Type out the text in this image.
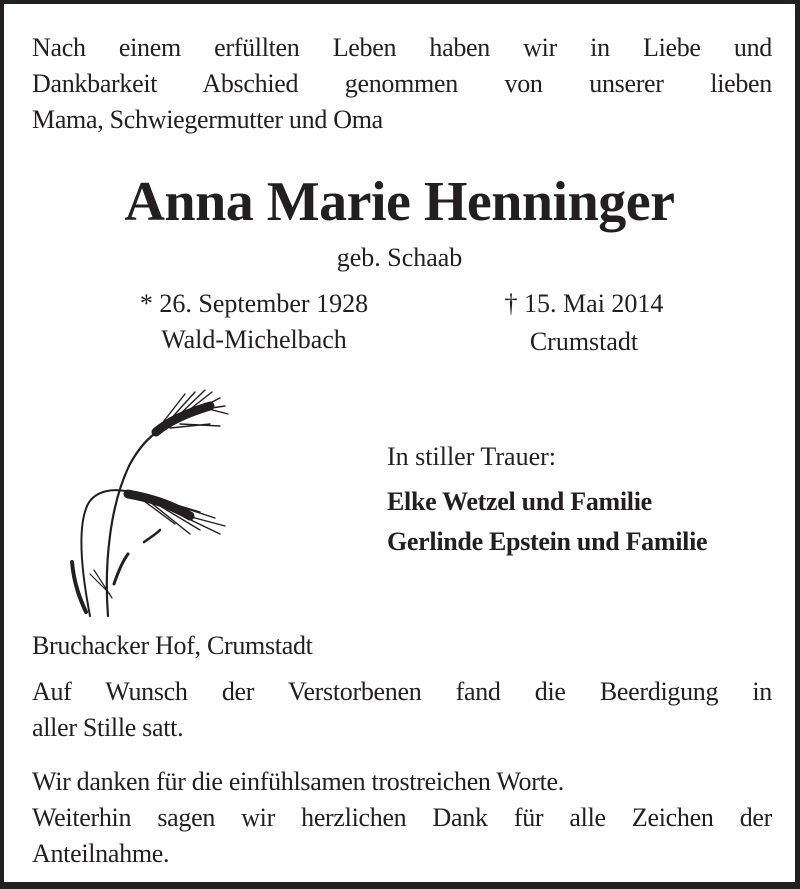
Nach einem erfüllten Leben haben wir in Liebe und
Dankbarkeit Abschied genommen von unserer lieben
Mama, Schwiegermutter und Oma
Anna Marie Henninger
geb. Schaab
* 26. September 1928
Wald-Michelbach
† 15. Mai 2014
Crumstadt
In stiller Trauer:
Elke Wetzel und Familie
Gerlinde Epstein und Familie
Bruchacker Hof, Crumstadt
Auf Wunsch der Verstorbenen fand die Beerdigung in
aller Stille satt.
Wir danken für die einfühlsamen trostreichen Worte.
Weiterhin sagen wir herzlichen Dank für alle Zeichen der
Anteilnahme.
